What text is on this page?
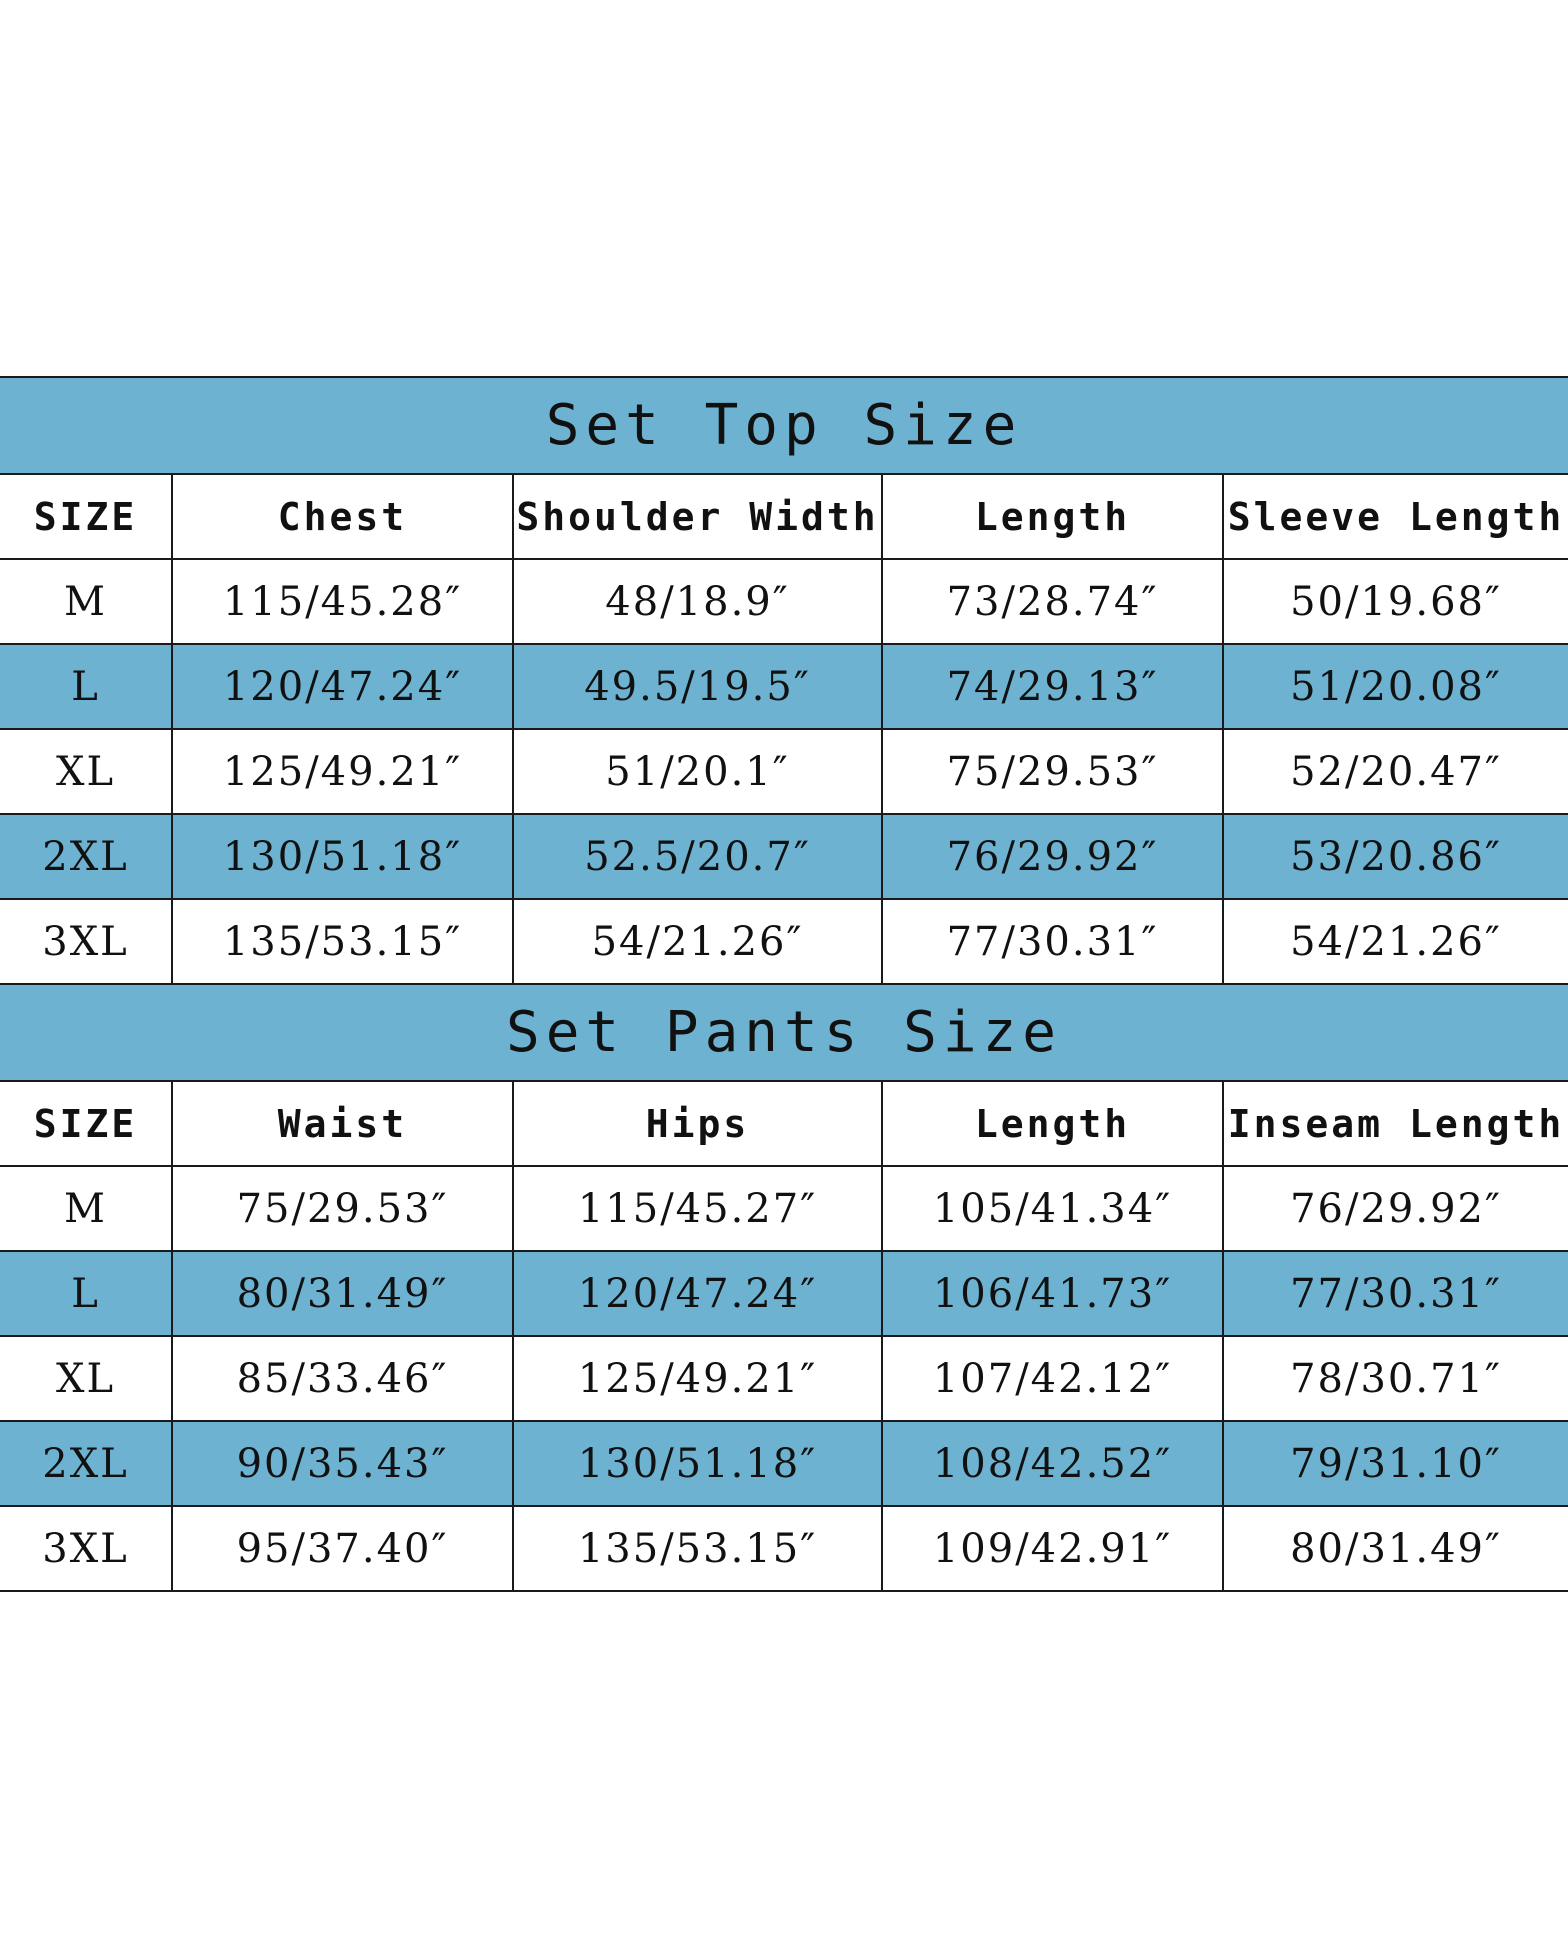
Set Top Size				
SIZE	Chest	Shoulder Width	Length	Sleeve Length
M	115/45.28″	48/18.9″	73/28.74″	50/19.68″
L	120/47.24″	49.5/19.5″	74/29.13″	51/20.08″
XL	125/49.21″	51/20.1″	75/29.53″	52/20.47″
2XL	130/51.18″	52.5/20.7″	76/29.92″	53/20.86″
3XL	135/53.15″	54/21.26″	77/30.31″	54/21.26″
Set Pants Size				
SIZE	Waist	Hips	Length	Inseam Length
M	75/29.53″	115/45.27″	105/41.34″	76/29.92″
L	80/31.49″	120/47.24″	106/41.73″	77/30.31″
XL	85/33.46″	125/49.21″	107/42.12″	78/30.71″
2XL	90/35.43″	130/51.18″	108/42.52″	79/31.10″
3XL	95/37.40″	135/53.15″	109/42.91″	80/31.49″
